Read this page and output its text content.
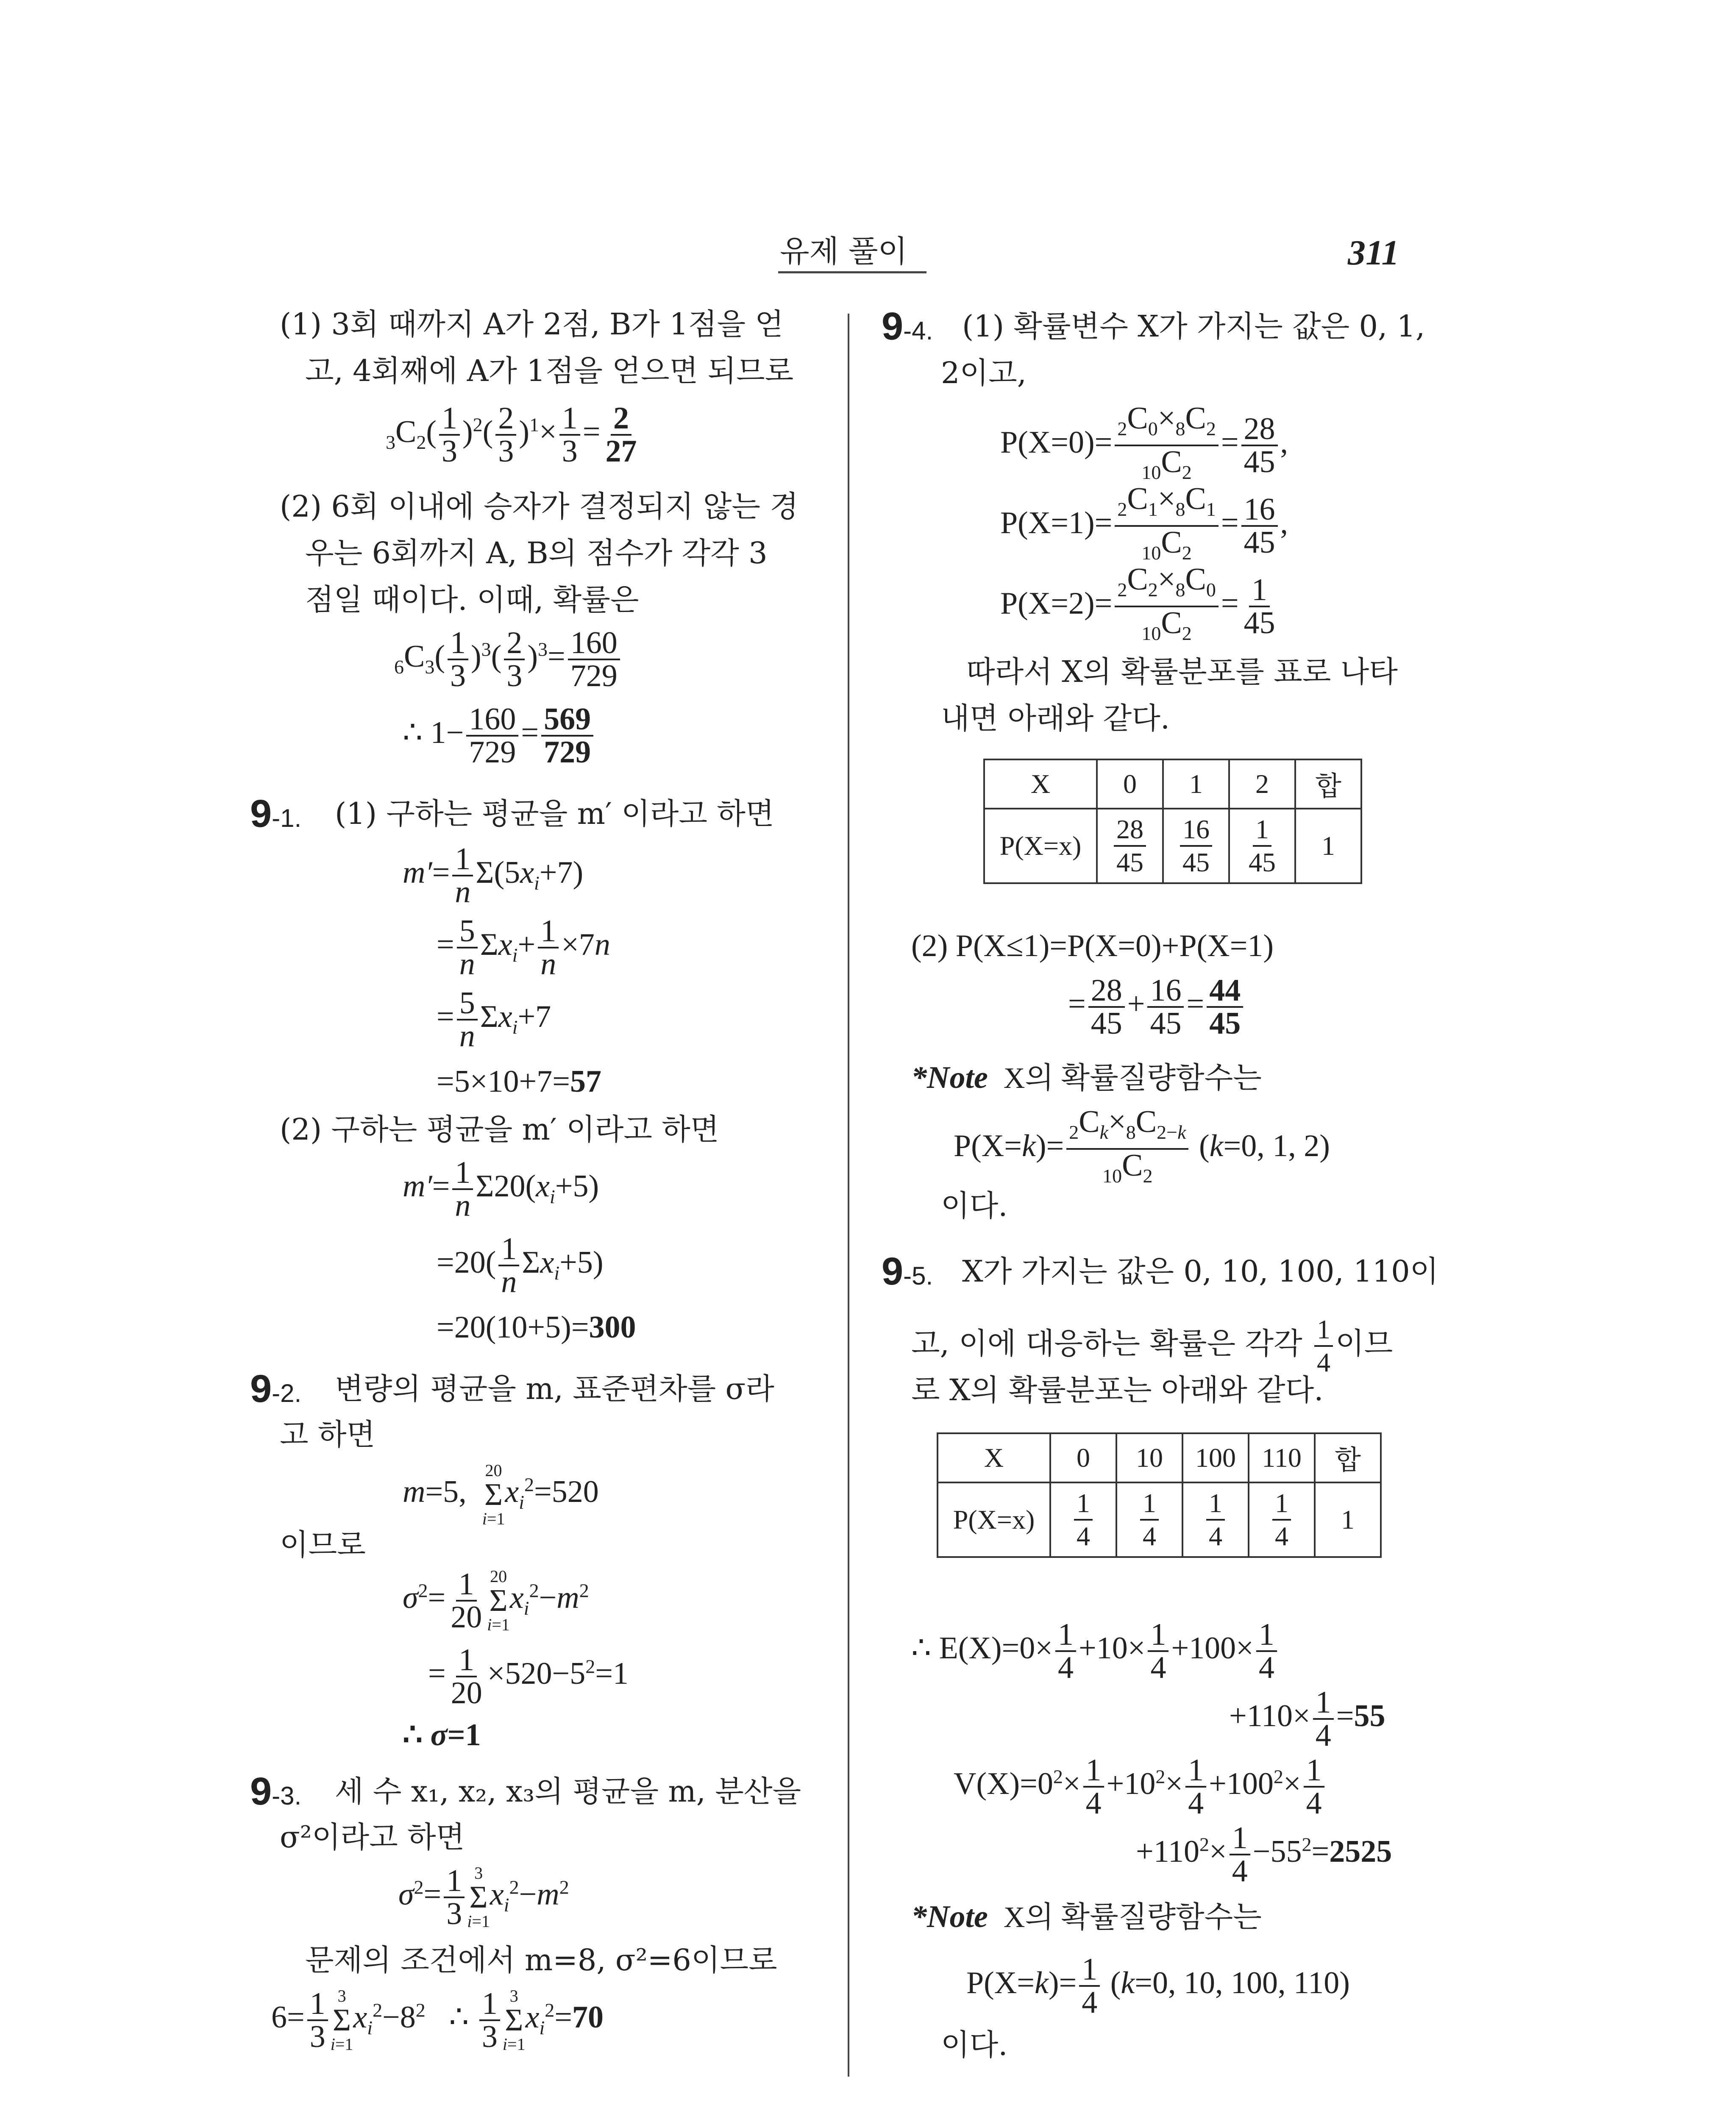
유제 풀이	311
(1) 3회 때까지 A가 2점, B가 1점을 얻
고, 4회째에 A가 1점을 얻으면 되므로
$_3C_2( \frac{1}{3} )^2( \frac{2}{3} )^1\times \frac{1}{3} = \frac{2}{27}$
(2) 6회 이내에 승자가 결정되지 않는 경
우는 6회까지 A, B의 점수가 각각 3
점일 때이다. 이때, 확률은
$_6C_3( \frac{1}{3} )^3( \frac{2}{3} )^3= \frac{160}{729}$
∴ $1- \frac{160}{729} = \frac{569}{729}$
9-1. (1) 구하는 평균을 m′ 이라고 하면
$m'= \frac{1}{n} \Sigma(5x_i+7)$
= $\frac{5}{n} \Sigma x_i+ \frac{1}{n} \times 7n$
= $\frac{5}{n} \Sigma x_i+7$
=5×10+7=57
(2) 구하는 평균을 m′ 이라고 하면
$m'= \frac{1}{n} \Sigma 20(x_i+5)$
$=20( \frac{1}{n} \Sigma x_i+5)$
=20(10+5)=300
9-2. 변량의 평균을 m, 표준편차를 σ라
고 하면
m=5,
20
Σ
i=1
$x_i^2=520$
이므로
$\sigma^2= \frac{1}{20} 20$
Σ
i=1
$x_i^2-m^2$
= $\frac{1}{20} \times 520-5^2=1$
∴ σ=1
9-3. 세 수 x₁, x₂, x₃의 평균을 m, 분산을
σ²이라고 하면
$\sigma^2= \frac{1}{3} 3$
Σ
i=1
$x_i^2-m^2$
문제의 조건에서 m=8, σ²=6이므로
$6= \frac{1}{3} 3$
Σ
i=1
$x_i^2-8^2$   ∴ $\frac{1}{3} 3$
Σ
i=1
$x_i^2=70$
9-4. (1) 확률변수 X가 가지는 값은 0, 1,
2이고,
$P(X=0)= \frac{_2C_0\times_8C_2}{_{10}C_2} = \frac{28}{45}$ ,
$P(X=1)= \frac{_2C_1\times_8C_1}{_{10}C_2} = \frac{16}{45}$ ,
$P(X=2)= \frac{_2C_2\times_8C_0}{_{10}C_2} = \frac{1}{45}$
따라서 X의 확률분포를 표로 나타
내면 아래와 같다.
X	0	1	2	합
P(X=x)	$\frac{28}{45}$	$\frac{16}{45}$	$\frac{1}{45}$	1
(2) P(X≤1)=P(X=0)+P(X=1)
= $\frac{28}{45} + \frac{16}{45} = \frac{44}{45}$
*Note X의 확률질량함수는
$P(X=k)= \frac{_2C_k\times_8C_{2-k}}{_{10}C_2} (k=0$, 1, 2)
이다.
9-5. X가 가지는 값은 0, 10, 100, 110이
고, 이에 대응하는 확률은 각각 $\frac{1}{4}$ 이므
로 X의 확률분포는 아래와 같다.
X	0	10	100	110	합
P(X=x)	$\frac{1}{4}$	$\frac{1}{4}$	$\frac{1}{4}$	$\frac{1}{4}$	1
∴ $E(X)=0\times \frac{1}{4} +10\times \frac{1}{4} +100\times \frac{1}{4}$
$+110\times \frac{1}{4} =55$
$V(X)=0^2\times \frac{1}{4} +10^2\times \frac{1}{4} +100^2\times \frac{1}{4}$
$+110^2\times \frac{1}{4} -55^2=2525$
*Note X의 확률질량함수는
$P(X=k)= \frac{1}{4} (k=0$, 10, 100, 110)
이다.
